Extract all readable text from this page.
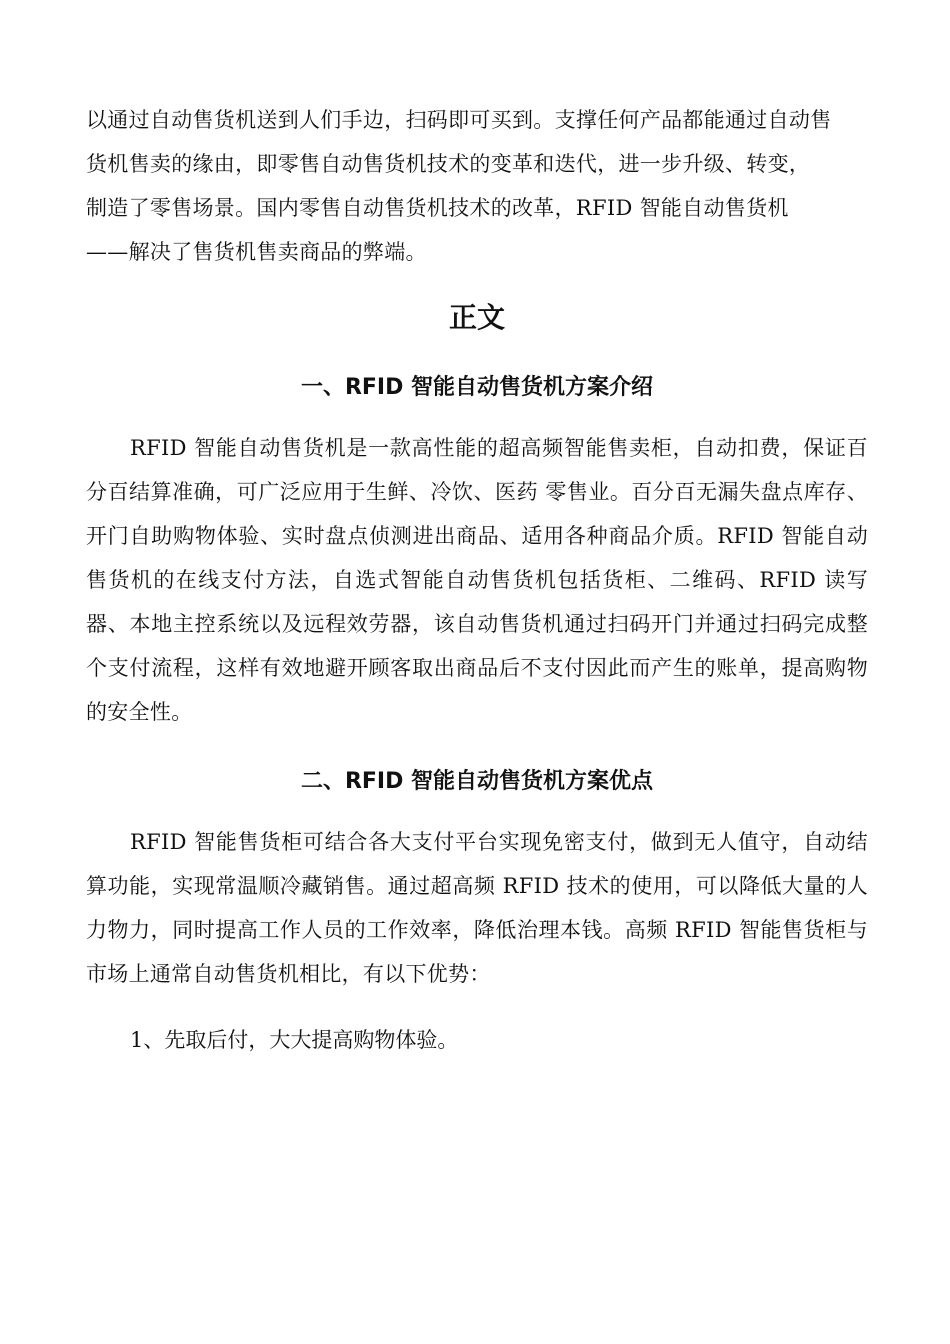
以通过自动售货机送到人们手边，扫码即可买到。支撑任何产品都能通过自动售
货机售卖的缘由，即零售自动售货机技术的变革和迭代，进一步升级、转变，
制造了零售场景。国内零售自动售货机技术的改革，RFID 智能自动售货机
——解决了售货机售卖商品的弊端。

正文
一、RFID 智能自动售货机方案介绍

RFID 智能自动售货机是一款高性能的超高频智能售卖柜，自动扣费，保证百分百结算准确，可广泛应用于生鲜、冷饮、医药 零售业。百分百无漏失盘点库存、开门自助购物体验、实时盘点侦测进出商品、适用各种商品介质。RFID 智能自动售货机的在线支付方法，自选式智能自动售货机包括货柜、二维码、RFID 读写器、本地主控系统以及远程效劳器，该自动售货机通过扫码开门并通过扫码完成整个支付流程，这样有效地避开顾客取出商品后不支付因此而产生的账单，提高购物的安全性。

二、RFID 智能自动售货机方案优点

RFID 智能售货柜可结合各大支付平台实现免密支付，做到无人值守，自动结算功能，实现常温顺冷藏销售。通过超高频 RFID 技术的使用，可以降低大量的人力物力，同时提高工作人员的工作效率，降低治理本钱。高频 RFID 智能售货柜与市场上通常自动售货机相比，有以下优势：

1、先取后付，大大提高购物体验。
